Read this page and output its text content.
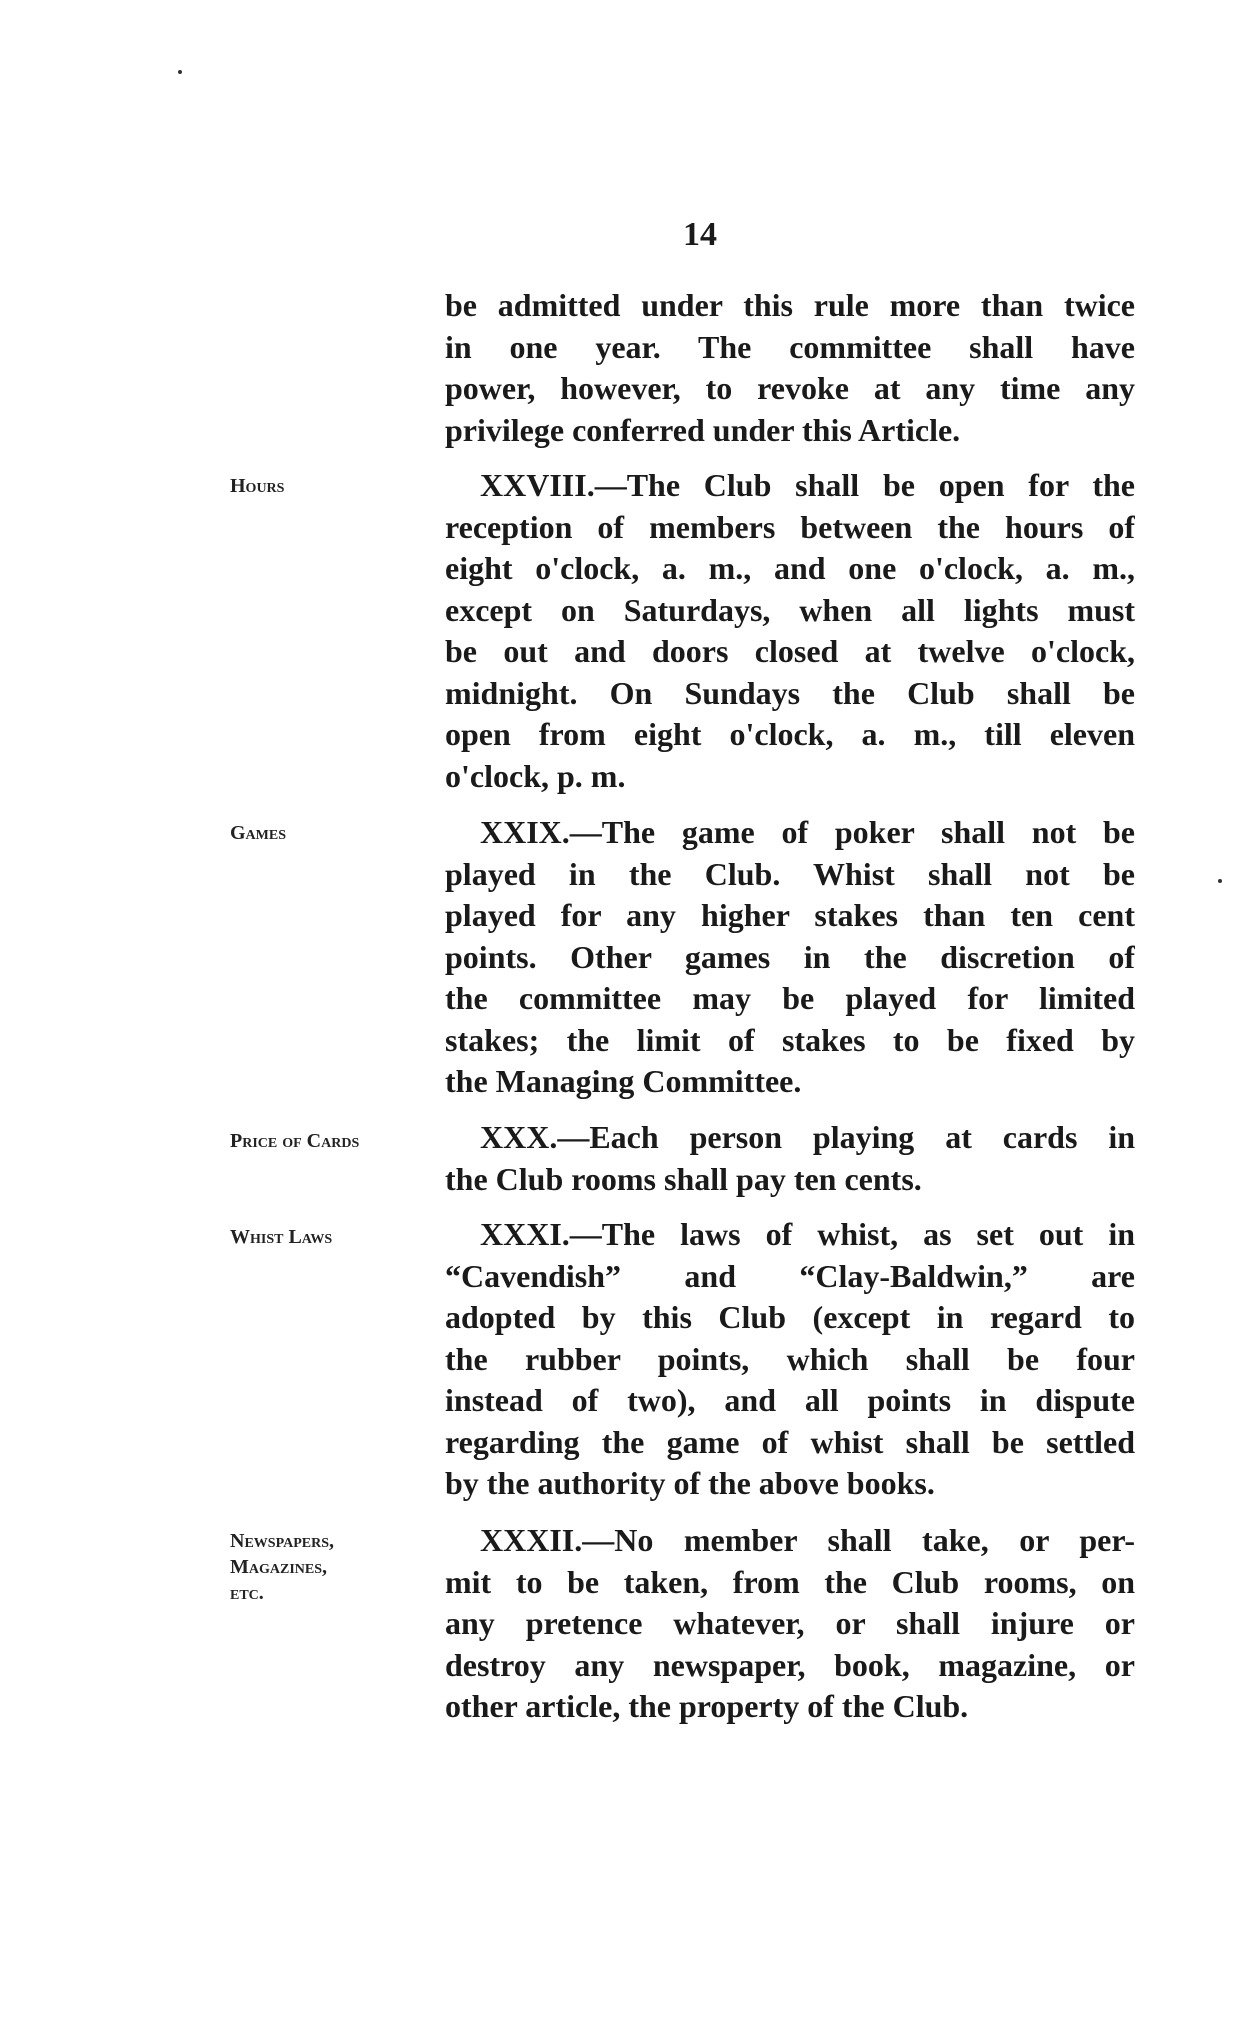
14
be admitted under this rule more than twice
in one year. The committee shall have
power, however, to revoke at any time any
privilege conferred under this Article.
Hours	XXVIII.—The Club shall be open for the
reception of members between the hours of
eight o'clock, a. m., and one o'clock, a. m.,
except on Saturdays, when all lights must
be out and doors closed at twelve o'clock,
midnight. On Sundays the Club shall be
open from eight o'clock, a. m., till eleven
o'clock, p. m.
Games	XXIX.—The game of poker shall not be
played in the Club. Whist shall not be
played for any higher stakes than ten cent
points. Other games in the discretion of
the committee may be played for limited
stakes; the limit of stakes to be fixed by
the Managing Committee.
Price of Cards	XXX.—Each person playing at cards in
the Club rooms shall pay ten cents.
Whist Laws	XXXI.—The laws of whist, as set out in
“Cavendish” and “Clay-Baldwin,” are
adopted by this Club (except in regard to
the rubber points, which shall be four
instead of two), and all points in dispute
regarding the game of whist shall be settled
by the authority of the above books.
Newspapers,
Magazines,
etc.
XXXII.—No member shall take, or per-
mit to be taken, from the Club rooms, on
any pretence whatever, or shall injure or
destroy any newspaper, book, magazine, or
other article, the property of the Club.
